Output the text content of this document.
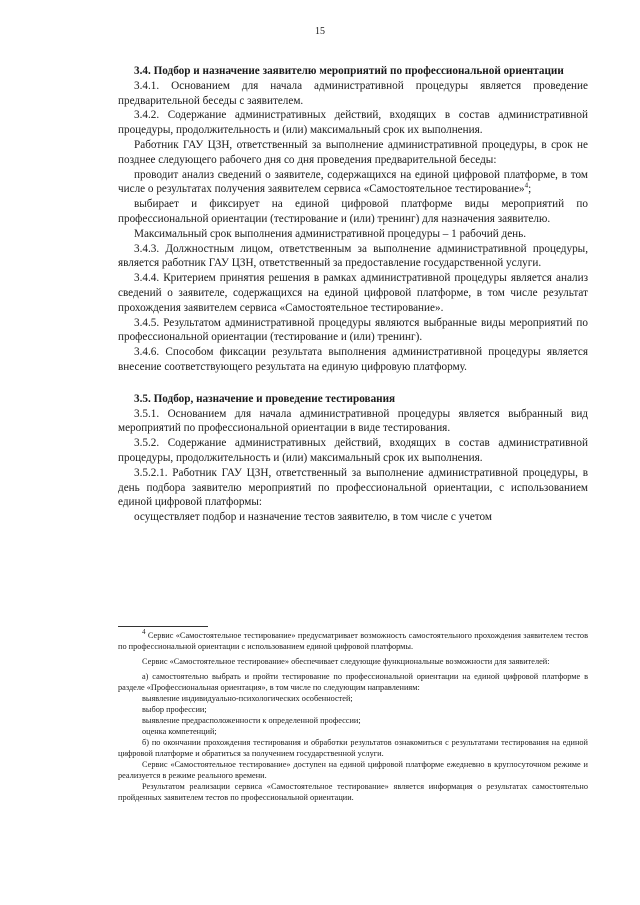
15
3.4. Подбор и назначение заявителю мероприятий по профессиональной ориентации

3.4.1. Основанием для начала административной процедуры является проведение предварительной беседы с заявителем.

3.4.2. Содержание административных действий, входящих в состав административной процедуры, продолжительность и (или) максимальный срок их выполнения.

Работник ГАУ ЦЗН, ответственный за выполнение административной процедуры, в срок не позднее следующего рабочего дня со дня проведения предварительной беседы:

проводит анализ сведений о заявителе, содержащихся на единой цифровой платформе, в том числе о результатах получения заявителем сервиса «Самостоятельное тестирование»$^4$;

выбирает и фиксирует на единой цифровой платформе виды мероприятий по профессиональной ориентации (тестирование и (или) тренинг) для назначения заявителю.

Максимальный срок выполнения административной процедуры – 1 рабочий день.

3.4.3. Должностным лицом, ответственным за выполнение административной процедуры, является работник ГАУ ЦЗН, ответственный за предоставление государственной услуги.

3.4.4. Критерием принятия решения в рамках административной процедуры является анализ сведений о заявителе, содержащихся на единой цифровой платформе, в том числе результат прохождения заявителем сервиса «Самостоятельное тестирование».

3.4.5. Результатом административной процедуры являются выбранные виды мероприятий по профессиональной ориентации (тестирование и (или) тренинг).

3.4.6. Способом фиксации результата выполнения административной процедуры является внесение соответствующего результата на единую цифровую платформу.

3.5. Подбор, назначение и проведение тестирования

3.5.1. Основанием для начала административной процедуры является выбранный вид мероприятий по профессиональной ориентации в виде тестирования.

3.5.2. Содержание административных действий, входящих в состав административной процедуры, продолжительность и (или) максимальный срок их выполнения.

3.5.2.1. Работник ГАУ ЦЗН, ответственный за выполнение административной процедуры, в день подбора заявителю мероприятий по профессиональной ориентации, с использованием единой цифровой платформы:

осуществляет подбор и назначение тестов заявителю, в том числе с учетом

$^4$ Сервис «Самостоятельное тестирование» предусматривает возможность самостоятельного прохождения заявителем тестов по профессиональной ориентации с использованием единой цифровой платформы.

Сервис «Самостоятельное тестирование» обеспечивает следующие функциональные возможности для заявителей:

а) самостоятельно выбрать и пройти тестирование по профессиональной ориентации на единой цифровой платформе в разделе «Профессиональная ориентация», в том числе по следующим направлениям:

выявление индивидуально-психологических особенностей;

выбор профессии;

выявление предрасположенности к определенной профессии;

оценка компетенций;

б) по окончании прохождения тестирования и обработки результатов ознакомиться с результатами тестирования на единой цифровой платформе и обратиться за получением государственной услуги.

Сервис «Самостоятельное тестирование» доступен на единой цифровой платформе ежедневно в круглосуточном режиме и реализуется в режиме реального времени.

Результатом реализации сервиса «Самостоятельное тестирование» является информация о результатах самостоятельно пройденных заявителем тестов по профессиональной ориентации.
